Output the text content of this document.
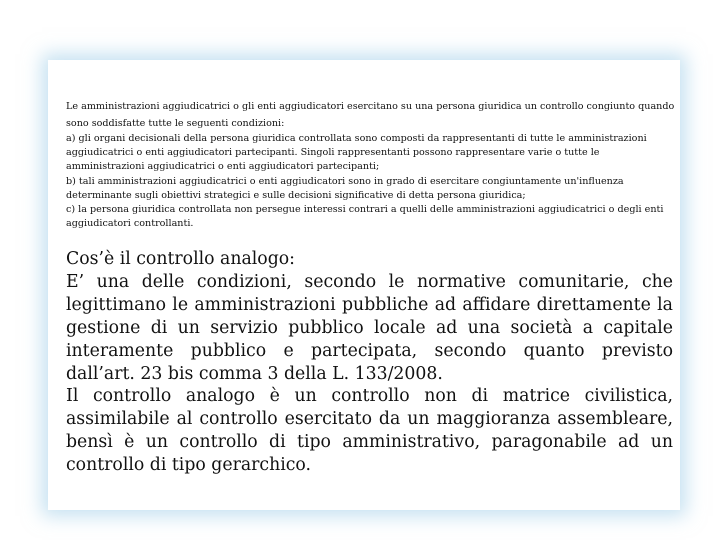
Le amministrazioni aggiudicatrici o gli enti aggiudicatori esercitano su una persona giuridica un controllo congiunto quando sono soddisfatte tutte le seguenti condizioni:

a) gli organi decisionali della persona giuridica controllata sono composti da rappresentanti di tutte le amministrazioni aggiudicatrici o enti aggiudicatori partecipanti. Singoli rappresentanti possono rappresentare varie o tutte le amministrazioni aggiudicatrici o enti aggiudicatori partecipanti;

b) tali amministrazioni aggiudicatrici o enti aggiudicatori sono in grado di esercitare congiuntamente un'influenza determinante sugli obiettivi strategici e sulle decisioni significative di detta persona giuridica;

c) la persona giuridica controllata non persegue interessi contrari a quelli delle amministrazioni aggiudicatrici o degli enti aggiudicatori controllanti.

Cos’è il controllo analogo:

E’ una delle condizioni, secondo le normative comunitarie, che legittimano le amministrazioni pubbliche ad affidare direttamente la gestione di un servizio pubblico locale ad una società a capitale interamente pubblico e partecipata, secondo quanto previsto dall’art. 23 bis comma 3 della L. 133/2008.

Il controllo analogo è un controllo non di matrice civilistica, assimilabile al controllo esercitato da un maggioranza assembleare, bensì è un controllo di tipo amministrativo, paragonabile ad un controllo di tipo gerarchico.
